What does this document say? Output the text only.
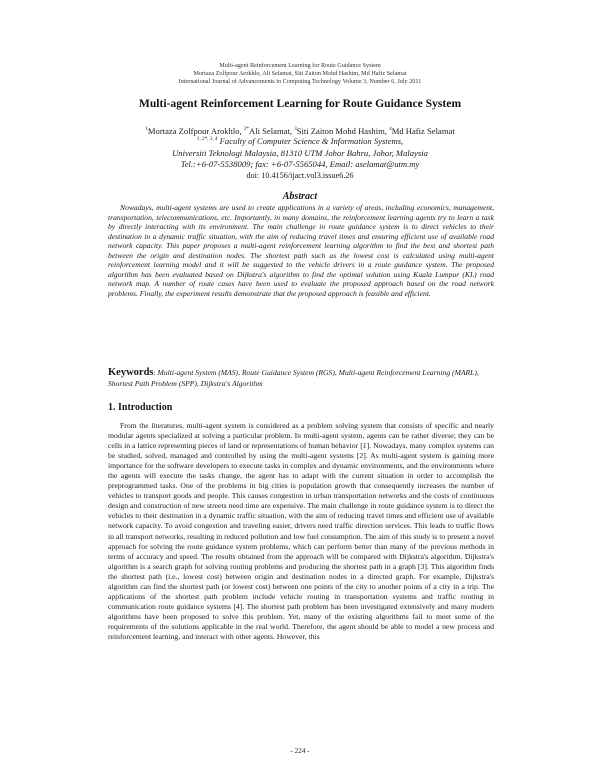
Multi-agent Reinforcement Learning for Route Guidance System
Mortaza Zolfpour Arokhlo, Ali Selamat, Siti Zaiton Mohd Hashim, Md Hafiz Selamat
International Journal of Advancements in Computing Technology Volume 3, Number 6, July 2011
Multi-agent Reinforcement Learning for Route Guidance System
$^1$Mortaza Zolfpour Arokhlo, $^{2*}$Ali Selamat, $^3$Siti Zaiton Mohd Hashim, $^4$Md Hafiz Selamat
$^{1, 2*, 3, 4}$ Faculty of Computer Science & Information Systems,
Universiti Teknologi Malaysia, 81310 UTM Johor Bahru, Johor, Malaysia
Tel.:+6-07-5538009; fax: +6-07-5565044, Email: aselamat@utm.my
doi: 10.4156/ijact.vol3.issue6.26
Abstract
Nowadays, multi-agent systems are used to create applications in a variety of areas, including economics, management, transportation, telecommunications, etc. Importantly, in many domains, the reinforcement learning agents try to learn a task by directly interacting with its environment. The main challenge in route guidance system is to direct vehicles to their destination in a dynamic traffic situation, with the aim of reducing travel times and ensuring efficient use of available road network capacity. This paper proposes a multi-agent reinforcement learning algorithm to find the best and shortest path between the origin and destination nodes. The shortest path such as the lowest cost is calculated using multi-agent reinforcement learning model and it will be suggested to the vehicle drivers in a route guidance system. The proposed algorithm has been evaluated based on Dijkstra's algorithm to find the optimal solution using Kuala Lumpur (KL) road network map. A number of route cases have been used to evaluate the proposed approach based on the road network problems. Finally, the experiment results demonstrate that the proposed approach is feasible and efficient.
Keywords: Multi-agent System (MAS), Route Guidance System (RGS), Multi-agent Reinforcement Learning (MARL), Shortest Path Problem (SPP), Dijkstra's Algorithm
1. Introduction
From the literatures, multi-agent system is considered as a problem solving system that consists of specific and nearly modular agents specialized at solving a particular problem. In multi-agent system, agents can be rather diverse; they can be cells in a lattice representing pieces of land or representations of human behavior [1]. Nowadays, many complex systems can be studied, solved, managed and controlled by using the multi-agent systems [2]. As multi-agent system is gaining more importance for the software developers to execute tasks in complex and dynamic environments, and the environments where the agents will execute the tasks change, the agent has to adapt with the current situation in order to accomplish the preprogrammed tasks. One of the problems in big cities is population growth that consequently increases the number of vehicles to transport goods and people. This causes congestion in urban transportation networks and the costs of continuous design and construction of new streets need time are expensive. The main challenge in route guidance system is to direct the vehicles to their destination in a dynamic traffic situation, with the aim of reducing travel times and efficient use of available network capacity. To avoid congestion and traveling easier, drivers need traffic direction services. This leads to traffic flows in all transport networks, resulting in reduced pollution and low fuel consumption. The aim of this study is to present a novel approach for solving the route guidance system problems, which can perform better than many of the previous methods in terms of accuracy and speed. The results obtained from the approach will be compared with Dijkstra's algorithm. Dijkstra's algorithm is a search graph for solving routing problems and producing the shortest path in a graph [3]. This algorithm finds the shortest path (i.e., lowest cost) between origin and destination nodes in a directed graph. For example, Dijkstra's algorithm can find the shortest path (or lowest cost) between one points of the city to another points of a city in a trip. The applications of the shortest path problem include vehicle routing in transportation systems and traffic routing in communication route guidance systems [4]. The shortest path problem has been investigated extensively and many modern algorithms have been proposed to solve this problem. Yet, many of the existing algorithms fail to meet some of the requirements of the solutions applicable in the real world. Therefore, the agent should be able to model a new process and reinforcement learning, and interact with other agents. However, this
- 224 -
